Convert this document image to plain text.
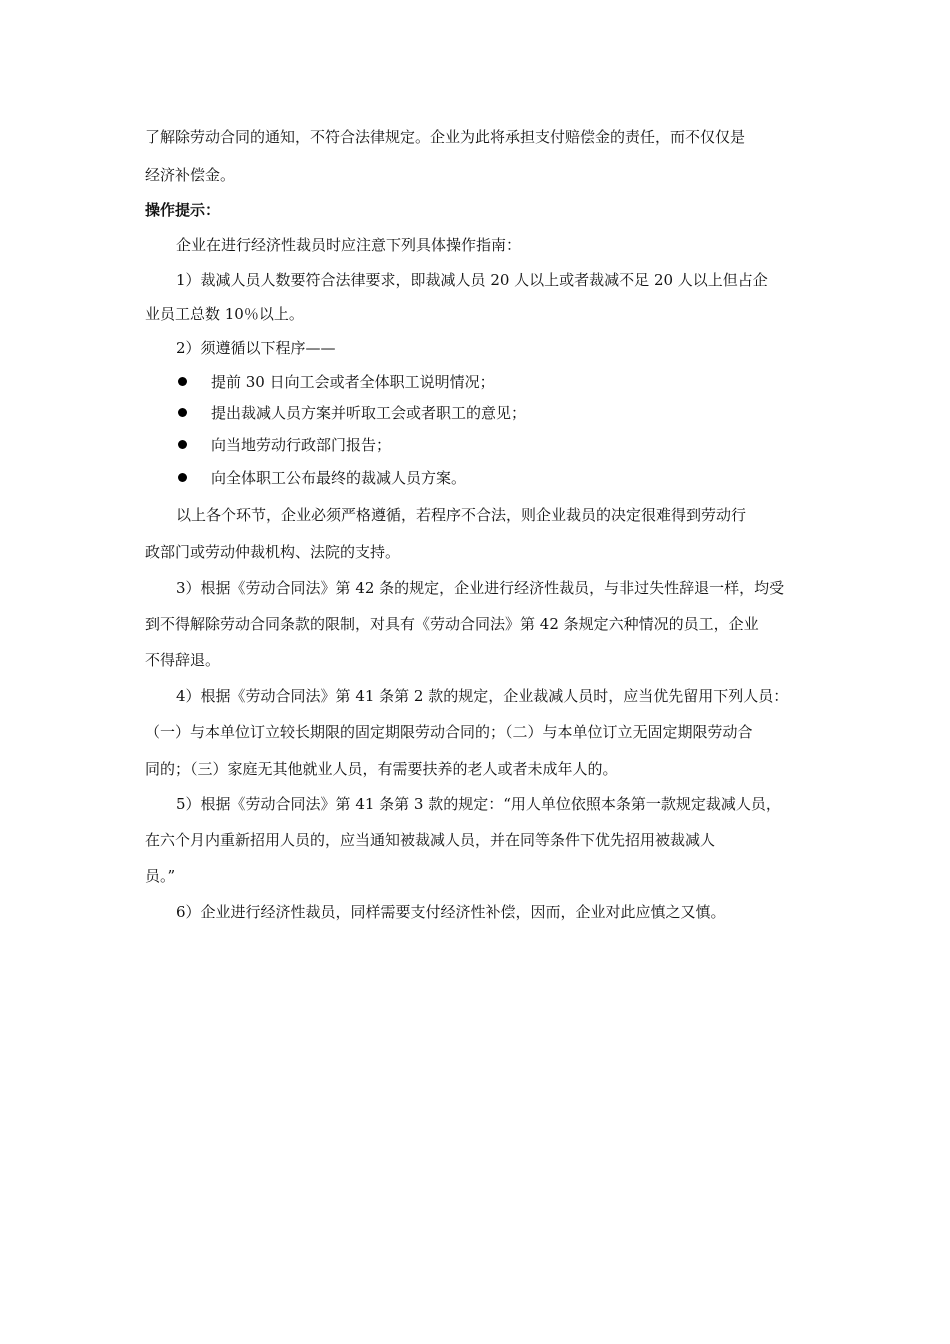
了解除劳动合同的通知，不符合法律规定。企业为此将承担支付赔偿金的责任，而不仅仅是
经济补偿金。
操作提示：
企业在进行经济性裁员时应注意下列具体操作指南：
1）裁减人员人数要符合法律要求，即裁减人员 20 人以上或者裁减不足 20 人以上但占企
业员工总数 10％以上。
2）须遵循以下程序——
提前 30 日向工会或者全体职工说明情况；
提出裁减人员方案并听取工会或者职工的意见；
向当地劳动行政部门报告；
向全体职工公布最终的裁减人员方案。
以上各个环节，企业必须严格遵循，若程序不合法，则企业裁员的决定很难得到劳动行
政部门或劳动仲裁机构、法院的支持。
3）根据《劳动合同法》第 42 条的规定，企业进行经济性裁员，与非过失性辞退一样，均受
到不得解除劳动合同条款的限制，对具有《劳动合同法》第 42 条规定六种情况的员工，企业
不得辞退。
4）根据《劳动合同法》第 41 条第 2 款的规定，企业裁减人员时，应当优先留用下列人员：
（一）与本单位订立较长期限的固定期限劳动合同的；（二）与本单位订立无固定期限劳动合
同的；（三）家庭无其他就业人员，有需要扶养的老人或者未成年人的。
5）根据《劳动合同法》第 41 条第 3 款的规定：“用人单位依照本条第一款规定裁减人员，
在六个月内重新招用人员的，应当通知被裁减人员，并在同等条件下优先招用被裁减人
员。”
6）企业进行经济性裁员，同样需要支付经济性补偿，因而，企业对此应慎之又慎。
